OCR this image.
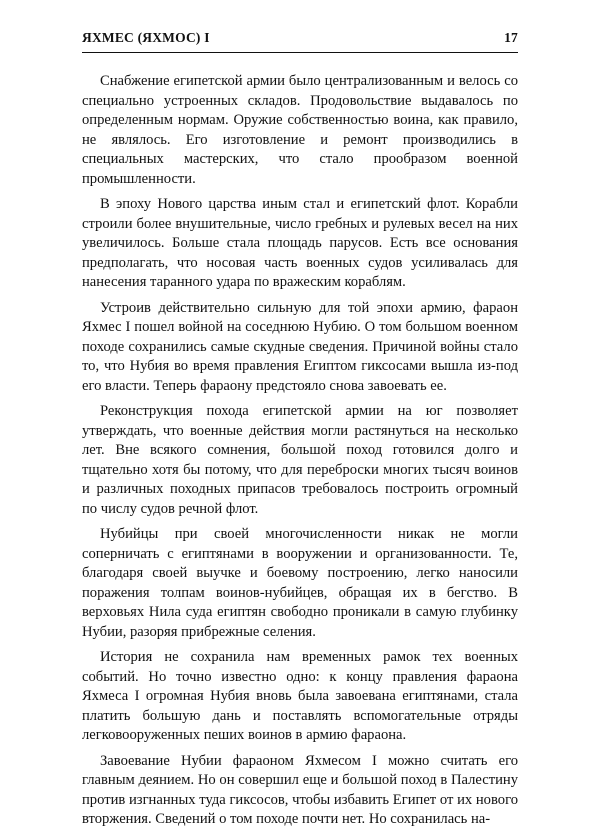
ЯХМЕС (ЯХМОС) I	17

Снабжение египетской армии было централизованным и велось со специально устроенных складов. Продовольствие выдавалось по определенным нормам. Оружие собственностью воина, как правило, не являлось. Его изготовление и ремонт производились в специальных мастерских, что стало прообразом военной промышленности.

В эпоху Нового царства иным стал и египетский флот. Корабли строили более внушительные, число гребных и рулевых весел на них увеличилось. Больше стала площадь парусов. Есть все основания предполагать, что носовая часть военных судов усиливалась для нанесения таранного удара по вражеским кораблям.

Устроив действительно сильную для той эпохи армию, фараон Яхмес I пошел войной на соседнюю Нубию. О том большом военном походе сохранились самые скудные сведения. Причиной войны стало то, что Нубия во время правления Египтом гиксосами вышла из-под его власти. Теперь фараону предстояло снова завоевать ее.

Реконструкция похода египетской армии на юг позволяет утверждать, что военные действия могли растянуться на несколько лет. Вне всякого сомнения, большой поход готовился долго и тщательно хотя бы потому, что для переброски многих тысяч воинов и различных походных припасов требовалось построить огромный по числу судов речной флот.

Нубийцы при своей многочисленности никак не могли соперничать с египтянами в вооружении и организованности. Те, благодаря своей выучке и боевому построению, легко наносили поражения толпам воинов-нубийцев, обращая их в бегство. В верховьях Нила суда египтян свободно проникали в самую глубинку Нубии, разоряя прибрежные селения.

История не сохранила нам временных рамок тех военных событий. Но точно известно одно: к концу правления фараона Яхмеса I огромная Нубия вновь была завоевана египтянами, стала платить большую дань и поставлять вспомогательные отряды легковооруженных пеших воинов в армию фараона.

Завоевание Нубии фараоном Яхмесом I можно считать его главным деянием. Но он совершил еще и большой поход в Палестину против изгнанных туда гиксосов, чтобы избавить Египет от их нового вторжения. Сведений о том походе почти нет. Но сохранилась на-
